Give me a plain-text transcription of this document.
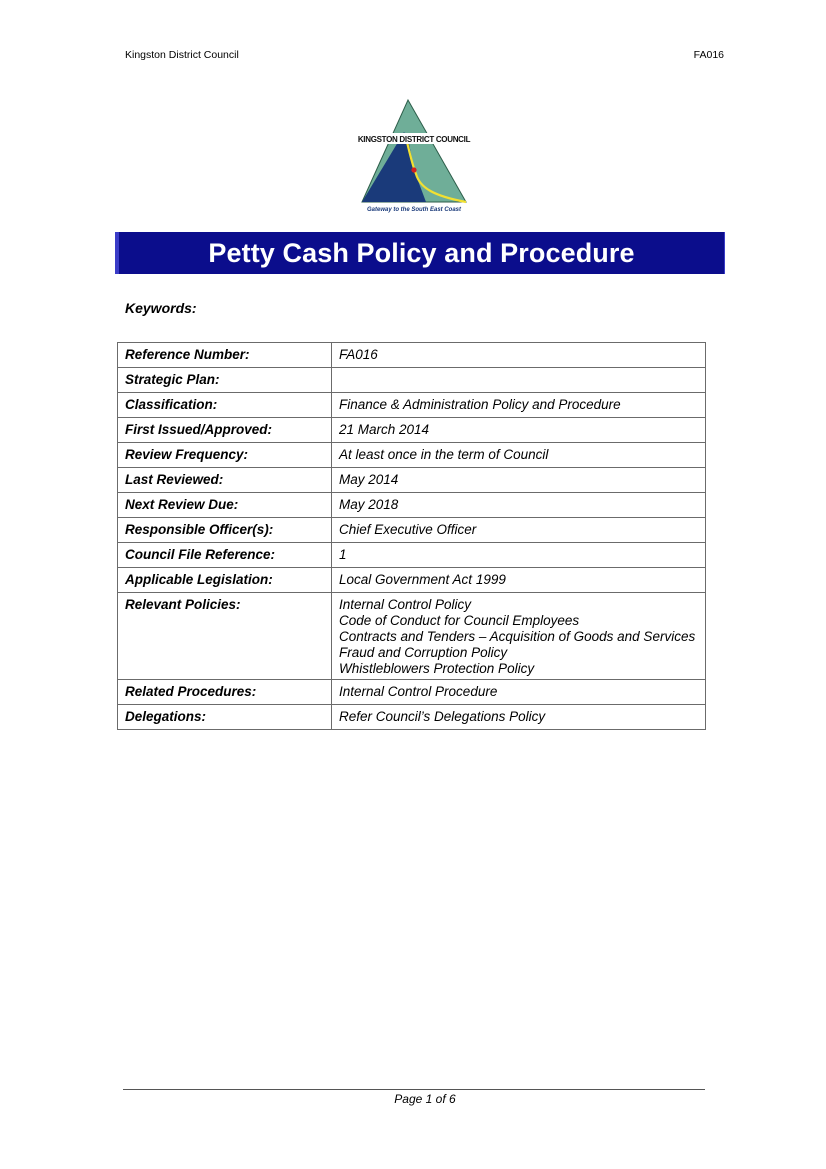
Kingston District Council	FA016
KINGSTON DISTRICT COUNCIL
Gateway to the South East Coast
Petty Cash Policy and Procedure
Keywords:
Reference Number:	FA016

Strategic Plan:	

Classification:	Finance & Administration Policy and Procedure

First Issued/Approved:	21 March 2014

Review Frequency:	At least once in the term of Council

Last Reviewed:	May 2014

Next Review Due:	May 2018

Responsible Officer(s):	Chief Executive Officer

Council File Reference:	1

Applicable Legislation:	Local Government Act 1999

Relevant Policies:	Internal Control Policy
Code of Conduct for Council Employees
Contracts and Tenders – Acquisition of Goods and Services
Fraud and Corruption Policy
Whistleblowers Protection Policy

Related Procedures:	Internal Control Procedure

Delegations:	Refer Council’s Delegations Policy
Page 1 of 6
